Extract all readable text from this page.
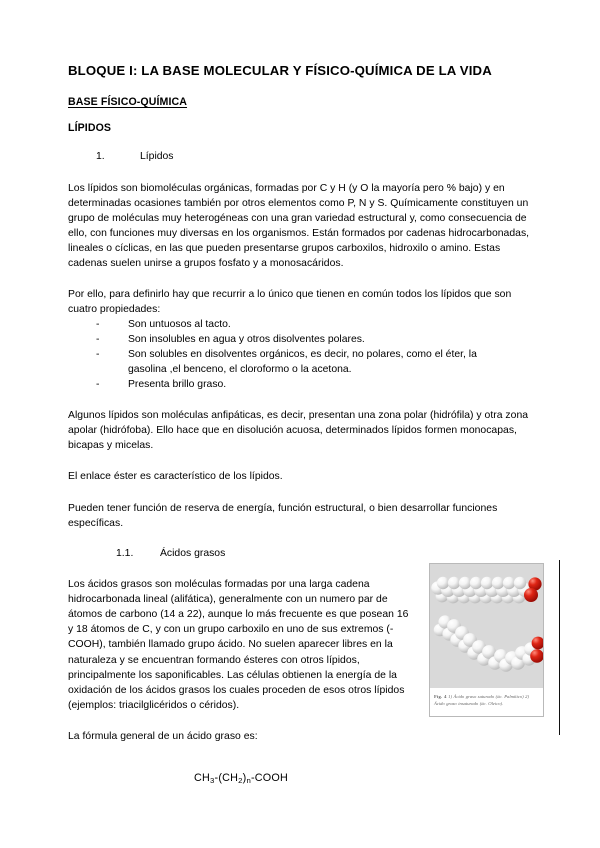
BLOQUE I: LA BASE MOLECULAR Y FÍSICO-QUÍMICA DE LA VIDA
BASE FÍSICO-QUÍMICA
LÍPIDOS
1.	Lípidos

Los lípidos son biomoléculas orgánicas, formadas por C y H (y O la mayoría pero % bajo) y en determinadas ocasiones también por otros elementos como P, N y S. Químicamente constituyen un grupo de moléculas muy heterogéneas con una gran variedad estructural y, como consecuencia de ello, con funciones muy diversas en los organismos. Están formados por cadenas hidrocarbonadas, lineales o cíclicas, en las que pueden presentarse grupos carboxilos, hidroxilo o amino. Estas cadenas suelen unirse a grupos fosfato y a monosacáridos.

Por ello, para definirlo hay que recurrir a lo único que tienen en común todos los lípidos que son cuatro propiedades:

-	Son untuosos al tacto.
-	Son insolubles en agua y otros disolventes polares.
-	Son solubles en disolventes orgánicos, es decir, no polares, como el éter, la gasolina ,el benceno, el cloroformo o la acetona.
-	Presenta brillo graso.

Algunos lípidos son moléculas anfipáticas, es decir, presentan una zona polar (hidrófila) y otra zona apolar (hidrófoba). Ello hace que en disolución acuosa, determinados lípidos formen monocapas, bicapas y micelas.

El enlace éster es característico de los lípidos.

Pueden tener función de reserva de energía, función estructural, o bien desarrollar funciones específicas.

1.1.	Ácidos grasos

Los ácidos grasos son moléculas formadas por una larga cadena hidrocarbonada lineal (alifática), generalmente con un numero par de átomos de carbono (14 a 22), aunque lo más frecuente es que posean 16 y 18 átomos de C, y con un grupo carboxilo en uno de sus extremos (-COOH), también llamado grupo ácido. No suelen aparecer libres en la naturaleza y se encuentran formando ésteres con otros lípidos, principalmente los saponificables. Las células obtienen la energía de la oxidación de los ácidos grasos los cuales proceden de esos otros lípidos (ejemplos: triacilglicéridos o céridos).

La fórmula general de un ácido graso es:

$CH_3-(CH_2)_n$-COOH
Fig. 4 1) Ácido graso saturado (ác. Palmítico) 2) Ácido graso insaturado (ác. Oleico).
